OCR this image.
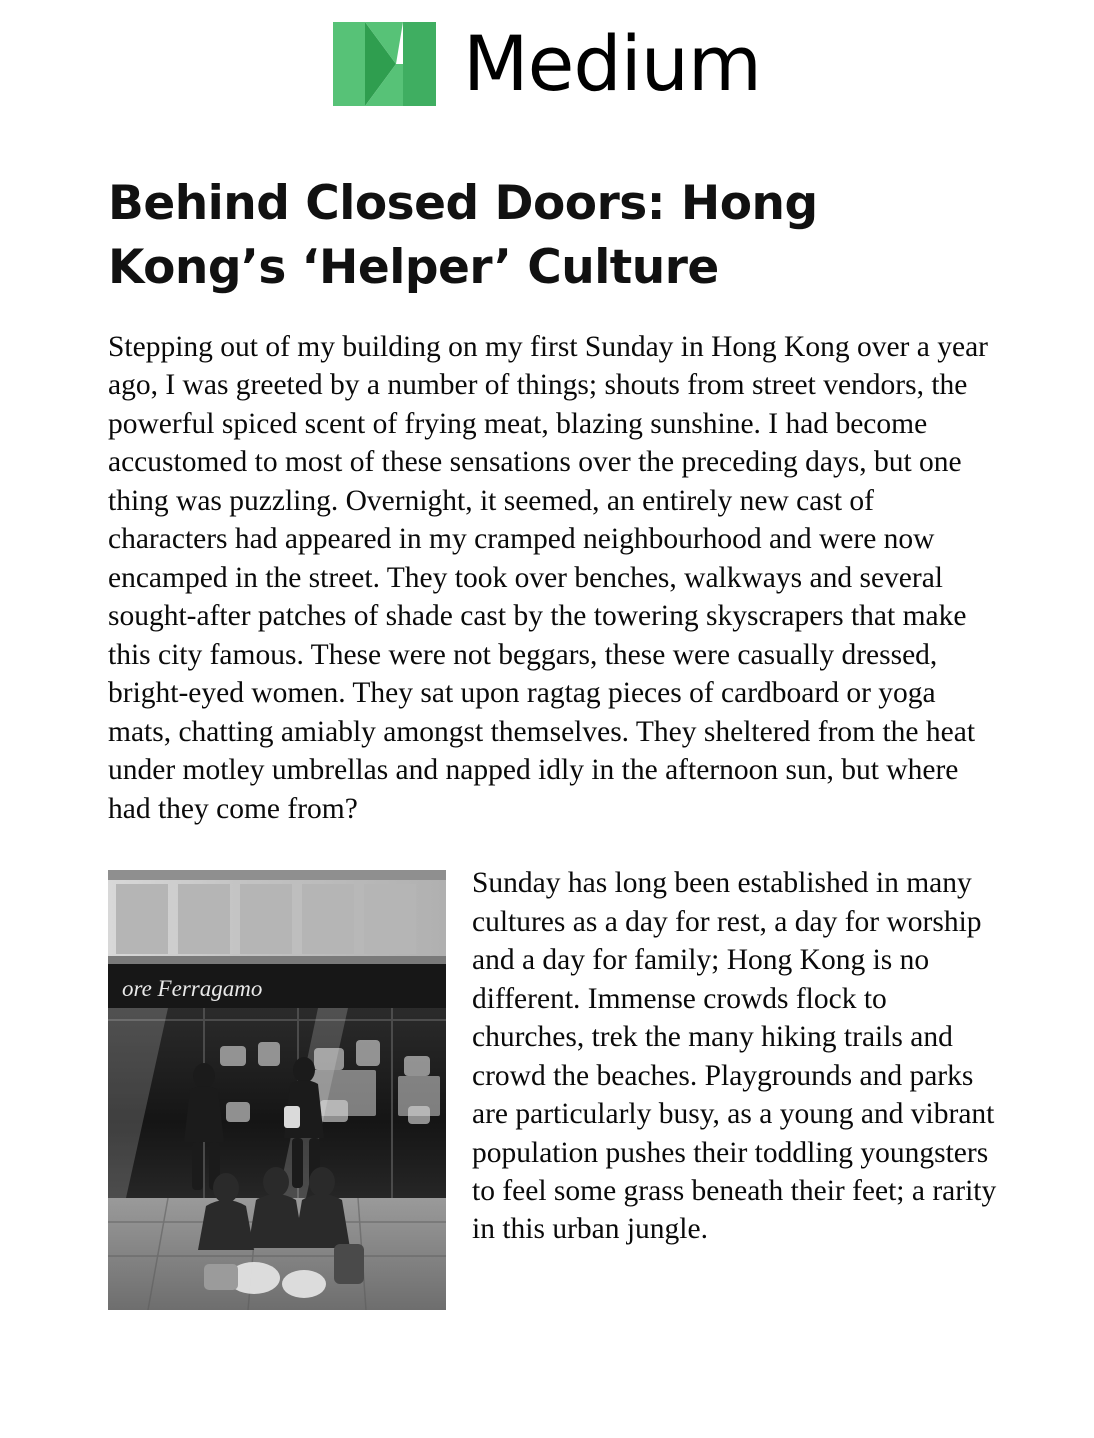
Medium
Behind Closed Doors: Hong Kong’s ‘Helper’ Culture

Stepping out of my building on my first Sunday in Hong Kong over a year ago, I was greeted by a number of things; shouts from street vendors, the powerful spiced scent of frying meat, blazing sunshine. I had become accustomed to most of these sensations over the preceding days, but one thing was puzzling. Overnight, it seemed, an entirely new cast of characters had appeared in my cramped neighbourhood and were now encamped in the street. They took over benches, walkways and several sought-after patches of shade cast by the towering skyscrapers that make this city famous. These were not beggars, these were casually dressed, bright-eyed women. They sat upon ragtag pieces of cardboard or yoga mats, chatting amiably amongst themselves. They sheltered from the heat under motley umbrellas and napped idly in the afternoon sun, but where had they come from?

ore Ferragamo

Sunday has long been established in many cultures as a day for rest, a day for worship and a day for family; Hong Kong is no different. Immense crowds flock to churches, trek the many hiking trails and crowd the beaches. Playgrounds and parks are particularly busy, as a young and vibrant population pushes their toddling youngsters to feel some grass beneath their feet; a rarity in this urban jungle.
